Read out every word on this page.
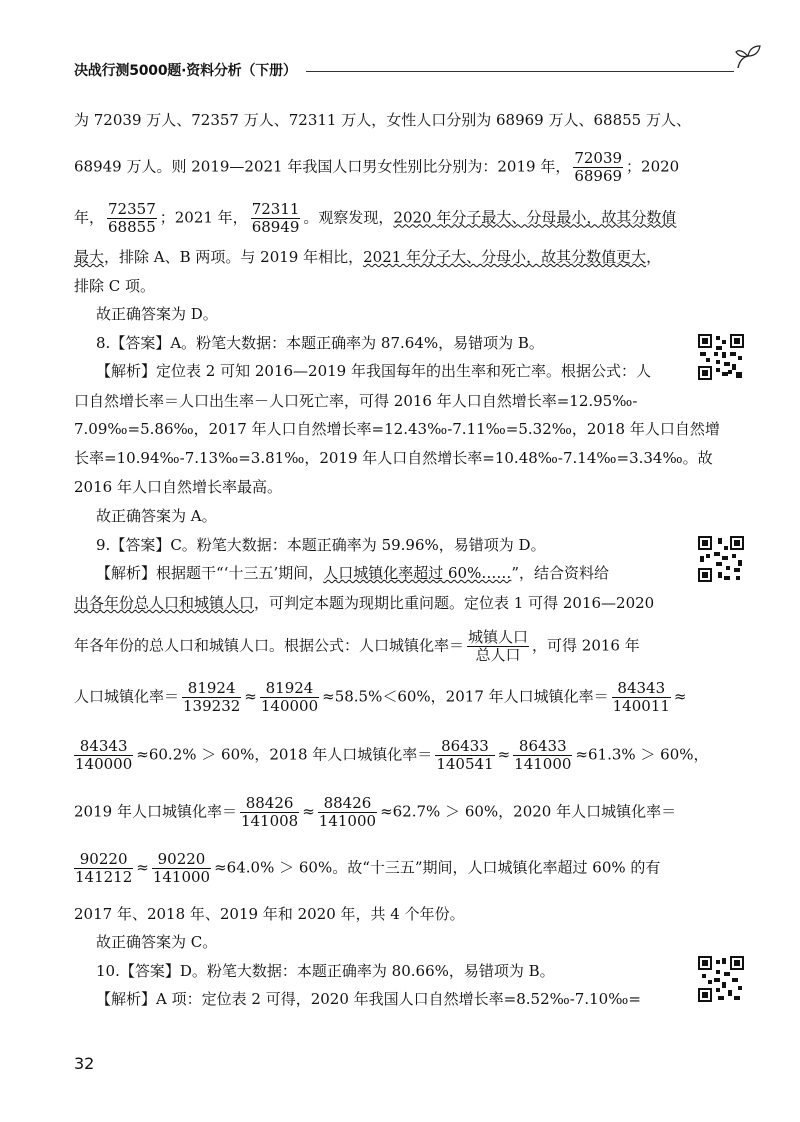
决战行测5000题·资料分析（下册）
为 72039 万人、72357 万人、72311 万人，女性人口分别为 68969 万人、68855 万人、
68949 万人。则 2019—2021 年我国人口男女性别比分别为：2019 年， $\frac{72039}{68969}$ ；2020
年， $\frac{72357}{68855}$ ；2021 年， $\frac{72311}{68949}$ 。观察发现，2020 年分子最大、分母最小，故其分数值
最大，排除 A、B 两项。与 2019 年相比，2021 年分子大、分母小，故其分数值更大，
排除 C 项。
故正确答案为 D。
8.【答案】A。粉笔大数据：本题正确率为 87.64%，易错项为 B。
【解析】定位表 2 可知 2016—2019 年我国每年的出生率和死亡率。根据公式：人
口自然增长率＝人口出生率－人口死亡率，可得 2016 年人口自然增长率=12.95‰-
7.09‰=5.86‰，2017 年人口自然增长率=12.43‰-7.11‰=5.32‰，2018 年人口自然增
长率=10.94‰-7.13‰=3.81‰，2019 年人口自然增长率=10.48‰-7.14‰=3.34‰。故
2016 年人口自然增长率最高。
故正确答案为 A。
9.【答案】C。粉笔大数据：本题正确率为 59.96%，易错项为 D。
【解析】根据题干“‘十三五’期间，人口城镇化率超过 60%……”，结合资料给
出各年份总人口和城镇人口，可判定本题为现期比重问题。定位表 1 可得 2016—2020
年各年份的总人口和城镇人口。根据公式：人口城镇化率＝ $\frac{\text{城镇人口}}{\text{总人口}}$ ，可得 2016 年
人口城镇化率＝ $\frac{81924}{139232} \approx \frac{81924}{140000} \approx 58.5\%<60\%$，2017 年人口城镇化率＝ $\frac{84343}{140011}$ ≈
$\frac{84343}{140000} \approx 60.2\% > 60\%$，2018 年人口城镇化率＝ $\frac{86433}{140541} \approx \frac{86433}{141000} \approx 61.3\% > 60\%$，
2019 年人口城镇化率＝ $\frac{88426}{141008} \approx \frac{88426}{141000} \approx 62.7\% > 60\%$，2020 年人口城镇化率＝
$\frac{90220}{141212} \approx \frac{90220}{141000} \approx 64.0\% > 60\%$。故“十三五”期间，人口城镇化率超过 60% 的有
2017 年、2018 年、2019 年和 2020 年，共 4 个年份。
故正确答案为 C。
10.【答案】D。粉笔大数据：本题正确率为 80.66%，易错项为 B。
【解析】A 项：定位表 2 可得，2020 年我国人口自然增长率=8.52‰-7.10‰=
32
